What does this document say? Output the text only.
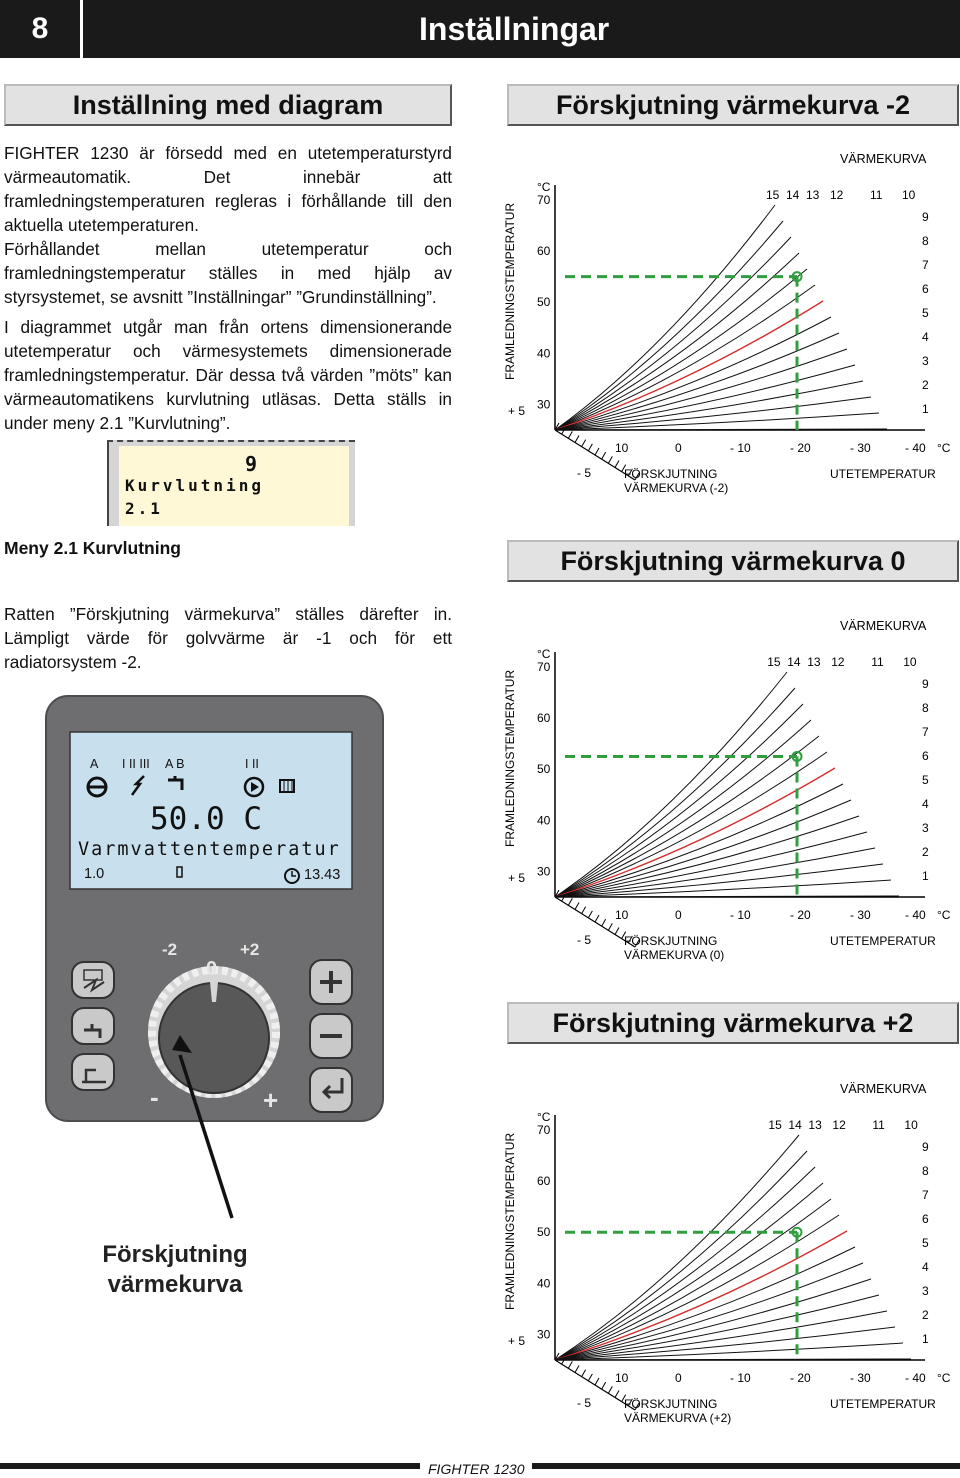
8	Inställningar
Inställning med diagram
FIGHTER 1230 är försedd med en utetemperaturstyrd värmeautomatik. Det innebär att framledningstemperaturen regleras i förhållande till den aktuella utetemperaturen.
Förhållandet mellan utetemperatur och framledningstemperatur ställes in med hjälp av styrsystemet, se avsnitt ”Inställningar” ”Grundinställning”.
I diagrammet utgår man från ortens dimensionerande utetemperatur och värmesystemets dimensionerade framledningstemperatur. Där dessa två värden ”möts” kan värmeautomatikens kurvlutning utläsas. Detta ställs in under meny 2.1 ”Kurvlutning”.
9
Kurvlutning
2.1
Meny 2.1 Kurvlutning
Ratten ”Förskjutning värmekurva” ställes därefter in. Lämpligt värde för golvvärme är -1 och för ett radiatorsystem -2.
A I II III A B	I II
50.0 C
Varmvattentemperatur
1.0	13.43
-2
0
+2
-	+
Förskjutning värmekurva
Förskjutning värmekurva -2
Förskjutning värmekurva 0
Förskjutning värmekurva +2
VÄRMEKURVA
FRAMLEDNINGSTEMPERATUR
°C
70
60
50
40
30
+ 5
- 5
10	0	- 10	- 20	- 30	- 40 °C
UTETEMPERATUR
FÖRSKJUTNING
VÄRMEKURVA (-2)
15 14 13 12 11 10
9
8
7
6
5
4
3
2
1
VÄRMEKURVA
FRAMLEDNINGSTEMPERATUR
°C
70
60
50
40
30
+ 5
- 5
10	0	- 10	- 20	- 30	- 40 °C
UTETEMPERATUR
FÖRSKJUTNING
VÄRMEKURVA (0)
15 14 13 12 11 10
9
8
7
6
5
4
3
2
1
VÄRMEKURVA
FRAMLEDNINGSTEMPERATUR
°C
70
60
50
40
30
+ 5
- 5
10	0	- 10	- 20	- 30	- 40 °C
UTETEMPERATUR
FÖRSKJUTNING
VÄRMEKURVA (+2)
15 14 13 12 11 10
9
8
7
6
5
4
3
2
1
FIGHTER 1230
